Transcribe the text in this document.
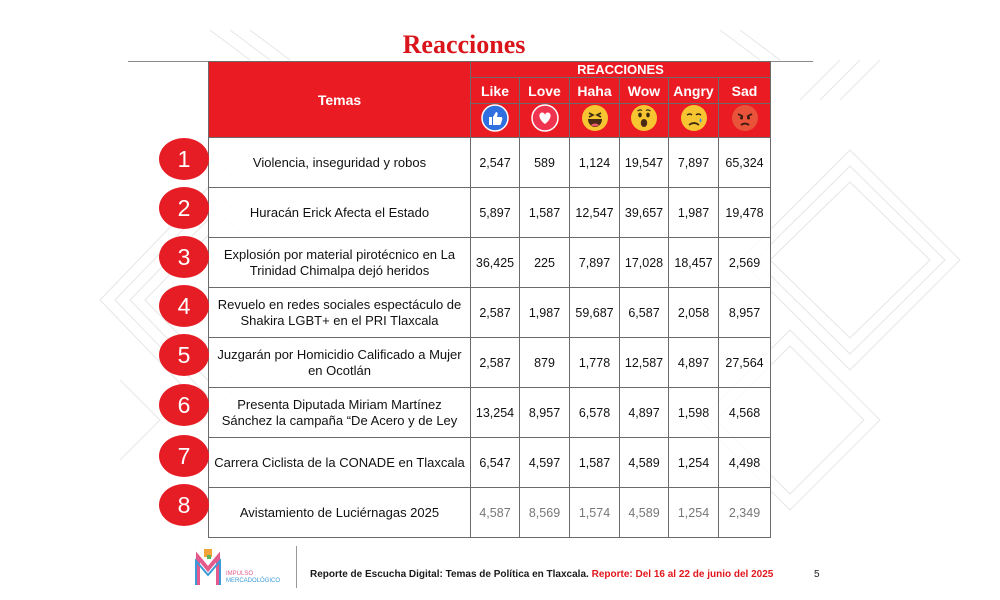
Reacciones
Temas	REACCIONES					
	Like	Love	Haha	Wow	Angry	Sad

Violencia, inseguridad y robos	2,547	589	1,124	19,547	7,897	65,324
Huracán Erick Afecta el Estado	5,897	1,587	12,547	39,657	1,987	19,478
Explosión por material pirotécnico en La Trinidad Chimalpa dejó heridos	36,425	225	7,897	17,028	18,457	2,569
Revuelo en redes sociales espectáculo de Shakira LGBT+ en el PRI Tlaxcala	2,587	1,987	59,687	6,587	2,058	8,957
Juzgarán por Homicidio Calificado a Mujer en Ocotlán	2,587	879	1,778	12,587	4,897	27,564
Presenta Diputada Miriam Martínez Sánchez la campaña “De Acero y de Ley	13,254	8,957	6,578	4,897	1,598	4,568
Carrera Ciclista de la CONADE en Tlaxcala	6,547	4,597	1,587	4,589	1,254	4,498
Avistamiento de Luciérnagas 2025	4,587	8,569	1,574	4,589	1,254	2,349
1
2
3
4
5
6
7
8
IMPULSO
MERCADOLÓGICO
Reporte de Escucha Digital: Temas de Política en Tlaxcala. Reporte: Del 16 al 22 de junio del 2025	5
